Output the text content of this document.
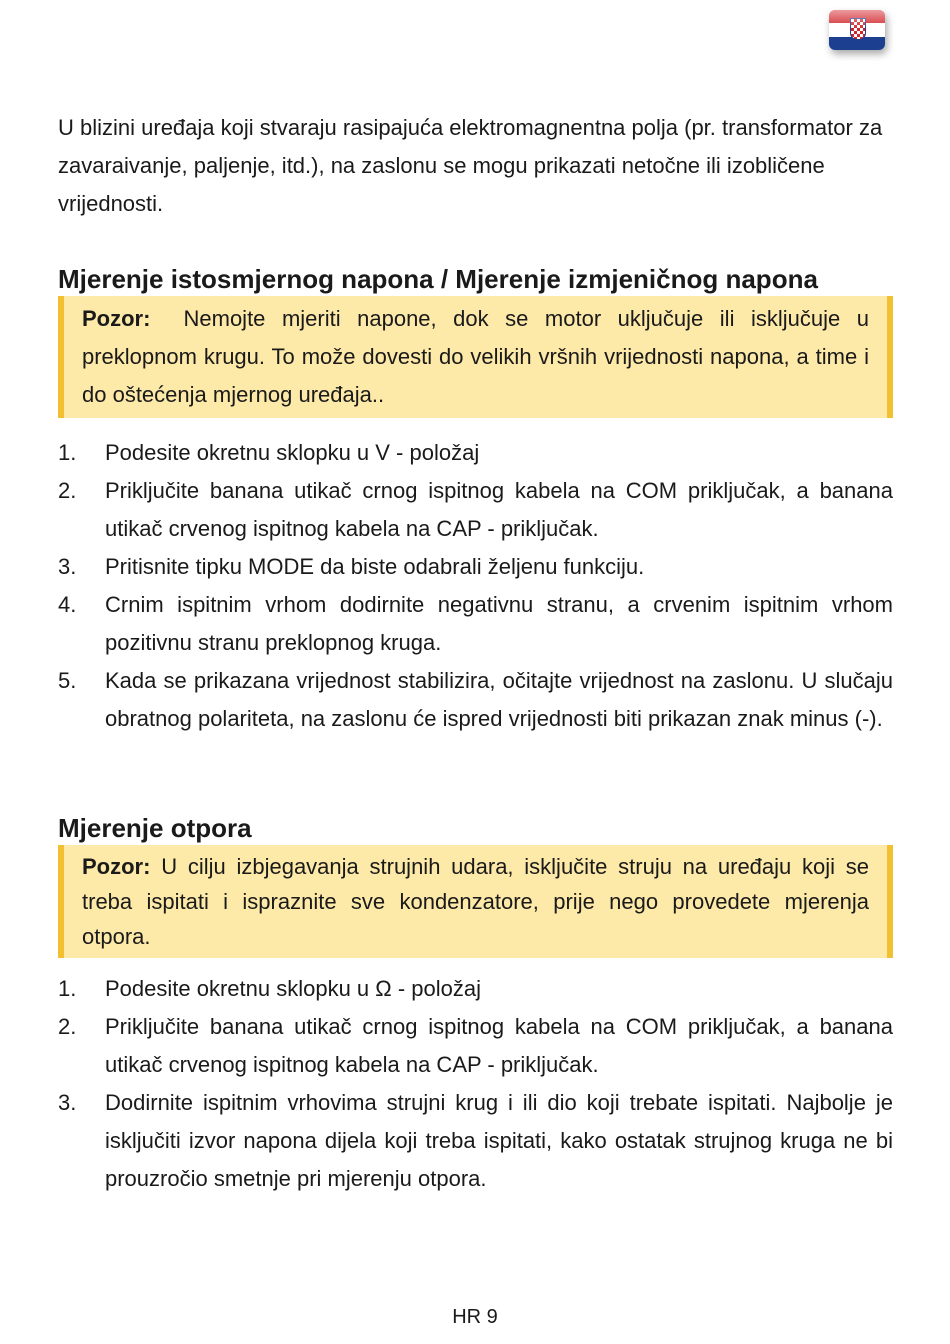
U blizini uređaja koji stvaraju rasipajuća elektromagnentna polja (pr. transformator za zavaraivanje, paljenje, itd.), na zaslonu se mogu prikazati netočne ili izobličene vrijednosti.

Mjerenje istosmjernog napona / Mjerenje izmjeničnog napona
Pozor: Nemojte mjeriti napone, dok se motor uključuje ili isključuje u preklopnom krugu. To može dovesti do velikih vršnih vrijednosti napona, a time i do oštećenja mjernog uređaja..
1. Podesite okretnu sklopku u V - položaj
2. Priključite banana utikač crnog ispitnog kabela na COM priključak, a banana utikač crvenog ispitnog kabela na CAP - priključak.
3. Pritisnite tipku MODE da biste odabrali željenu funkciju.
4. Crnim ispitnim vrhom dodirnite negativnu stranu, a crvenim ispitnim vrhom pozitivnu stranu preklopnog kruga.
5. Kada se prikazana vrijednost stabilizira, očitajte vrijednost na zaslonu. U slučaju obratnog polariteta, na zaslonu će ispred vrijednosti biti prikazan znak minus (-).
Mjerenje otpora
Pozor: U cilju izbjegavanja strujnih udara, isključite struju na uređaju koji se treba ispitati i ispraznite sve kondenzatore, prije nego provedete mjerenja otpora.
1. Podesite okretnu sklopku u Ω - položaj
2. Priključite banana utikač crnog ispitnog kabela na COM priključak, a banana utikač crvenog ispitnog kabela na CAP - priključak.
3. Dodirnite ispitnim vrhovima strujni krug i ili dio koji trebate ispitati. Najbolje je isključiti izvor napona dijela koji treba ispitati, kako ostatak strujnog kruga ne bi prouzročio smetnje pri mjerenju otpora.
HR 9
